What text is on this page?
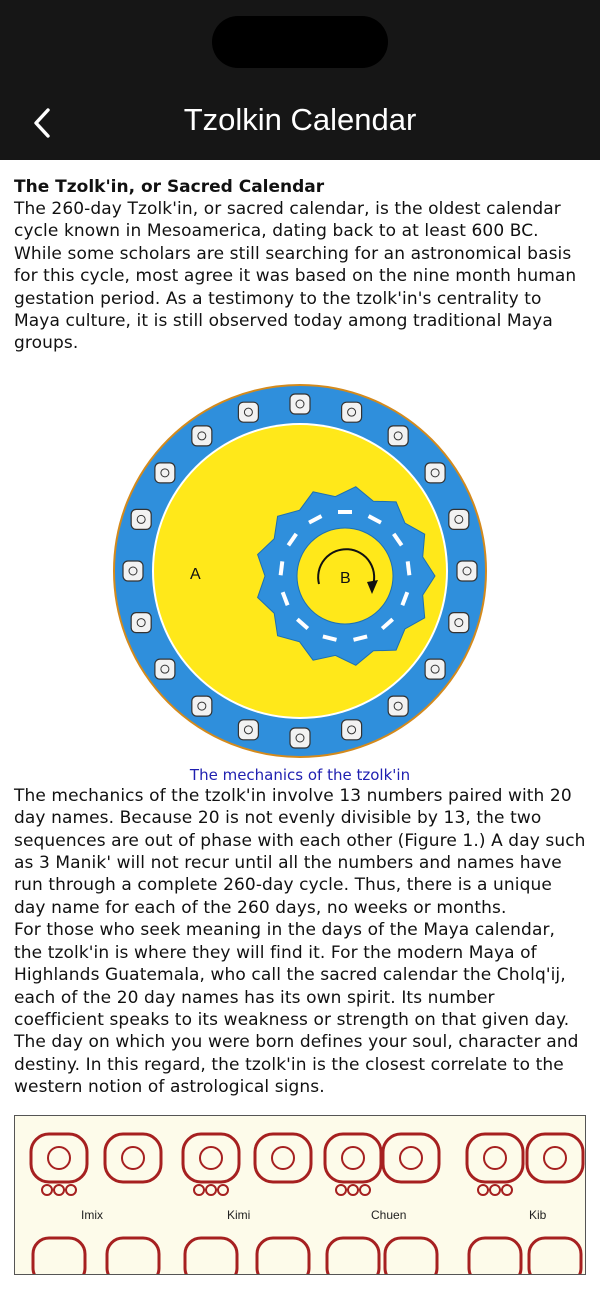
Tzolkin Calendar
The Tzolk'in, or Sacred Calendar

The 260-day Tzolk'in, or sacred calendar, is the oldest calendar cycle known in Mesoamerica, dating back to at least 600 BC. While some scholars are still searching for an astronomical basis for this cycle, most agree it was based on the nine month human gestation period. As a testimony to the tzolk'in's centrality to Maya culture, it is still observed today among traditional Maya groups.

A	B
The mechanics of the tzolk'in

The mechanics of the tzolk'in involve 13 numbers paired with 20 day names. Because 20 is not evenly divisible by 13, the two sequences are out of phase with each other (Figure 1.) A day such as 3 Manik' will not recur until all the numbers and names have run through a complete 260-day cycle. Thus, there is a unique day name for each of the 260 days, no weeks or months.

For those who seek meaning in the days of the Maya calendar, the tzolk'in is where they will find it. For the modern Maya of Highlands Guatemala, who call the sacred calendar the Cholq'ij, each of the 20 day names has its own spirit. Its number coefficient speaks to its weakness or strength on that given day. The day on which you were born defines your soul, character and destiny. In this regard, the tzolk'in is the closest correlate to the western notion of astrological signs.

Imix	Kimi	Chuen	Kib
